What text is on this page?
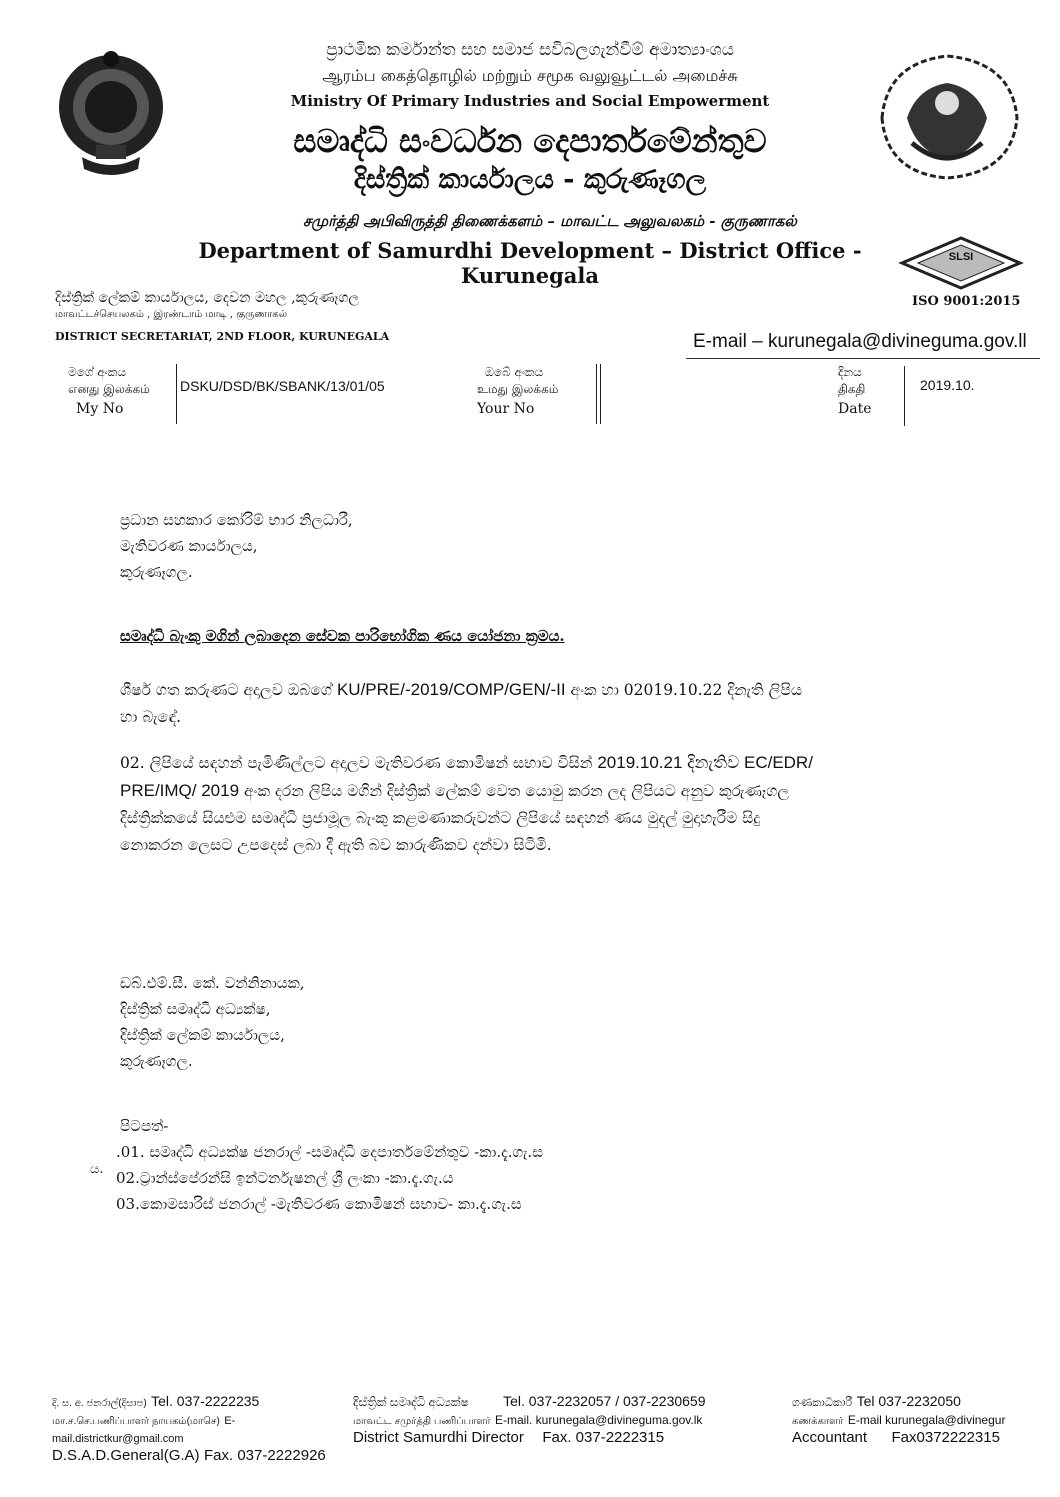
SLSI
ප්‍රාථමික කර්මාන්ත සහ සමාජ සවිබලගැන්වීම් අමාත්‍යාංශය
ஆரம்ப கைத்தொழில் மற்றும் சமூக வலுவூட்டல் அமைச்சு
Ministry Of Primary Industries and Social Empowerment
සමෘද්ධි සංවර්ධන දෙපාර්තමේන්තුව
දිස්ත්‍රික් කාර්යාලය - කුරුණෑගල
சமுர்த்தி அபிவிருத்தி திணைக்களம் – மாவட்ட அலுவலகம் - குருணாகல்
Department of Samurdhi Development – District Office - Kurunegala
ISO 9001:2015
දිස්ත්‍රික් ලේකම් කාර්යාලය, දෙවන මහල ,කුරුණෑගල
மாவட்டச்செயலகம் , இரண்டாம் மாடி , குருணாகல்
DISTRICT SECRETARIAT, 2ND FLOOR, KURUNEGALA	E-mail – kurunegala@divineguma.gov.ll
මගේ අංකය
எனது இலக்கம்
My No
DSKU/DSD/BK/SBANK/13/01/05
ඔබේ අංකය
உமது இலக்கம்
Your No
දිනය
திகதி
Date
2019.10.
ප්‍රධාන සහකාර කෝරිම් භාර නිලධාරී,
මැතිවරණ කාර්යාලය,
කුරුණෑගල.
සමෘද්ධි බැංකු මගින් ලබාදෙන සේවක පාරිභෝගික ණය යෝජනා ක්‍රමය.
ශීර්ෂ ගත කරුණට අදාලව ඔබගේ KU/PRE/-2019/COMP/GEN/-II අංක හා 02019.10.22 දිනැති ලිපිය
හා බැඳේ.
02. ලිපියේ සඳහන් පැමිණිල්ලට අදාලව මැතිවරණ කොමිෂන් සභාව විසින් 2019.10.21 දිනැතිව EC/EDR/
PRE/IMQ/ 2019 අංක දරන ලිපිය මගින් දිස්ත්‍රික් ලේකම් වෙත යොමු කරන ලද ලිපියට අනුව කුරුණෑගල
දිස්ත්‍රික්කයේ සියළුම සමෘද්ධි ප්‍රජාමූල බැංකු කළමණාකරුවන්ට ලිපියේ සඳහන් ණය මුදල් මුදාහැරීම සිදු
නොකරන ලෙසට උපදෙස් ලබා දී ඇති බව කාරුණිකව දන්වා සිටිමි.
ඩබ්.එම්.සී. කේ. වන්නිනායක,
දිස්ත්‍රික් සමෘද්ධි අධ්‍යක්ෂ,
දිස්ත්‍රික් ලේකම් කාර්යාලය,
කුරුණෑගල.
පිටපත්-
.01. සමෘද්ධි අධ්‍යක්ෂ ජනරාල් -සමෘද්ධි දෙපාර්තමේන්තුව -කා.දැ.ගැ.ස
02.ට්‍රාන්ස්පේරන්සි ඉන්ටර්නැෂනල් ශ්‍රී ලංකා -කා.දැ.ගැ.ය
03.කොමසාරිස් ජනරාල් -මැතිවරණ කොමිෂන් සභාව- කා.දැ.ගැ.ස
ය.
දි. ස. අ. ජනරාල්(දිසාප) Tel. 037-2222235
மா.ச.செ.பணிப்பாளர் நாயகம்(மாசெ) E-mail.districtkur@gmail.com
D.S.A.D.General(G.A) Fax. 037-2222926
දිස්ත්‍රික් සමෘද්ධි අධ්‍යක්ෂ Tel. 037-2232057 / 037-2230659
மாவட்ட சமுர்த்தி பணிப்பாளர் E-mail. kurunegala@divineguma.gov.lk
District Samurdhi Director Fax. 037-2222315
ගණකාධිකාරී Tel 037-2232050
கணக்காளர் E-mail kurunegala@divinegur
Accountant Fax0372222315
